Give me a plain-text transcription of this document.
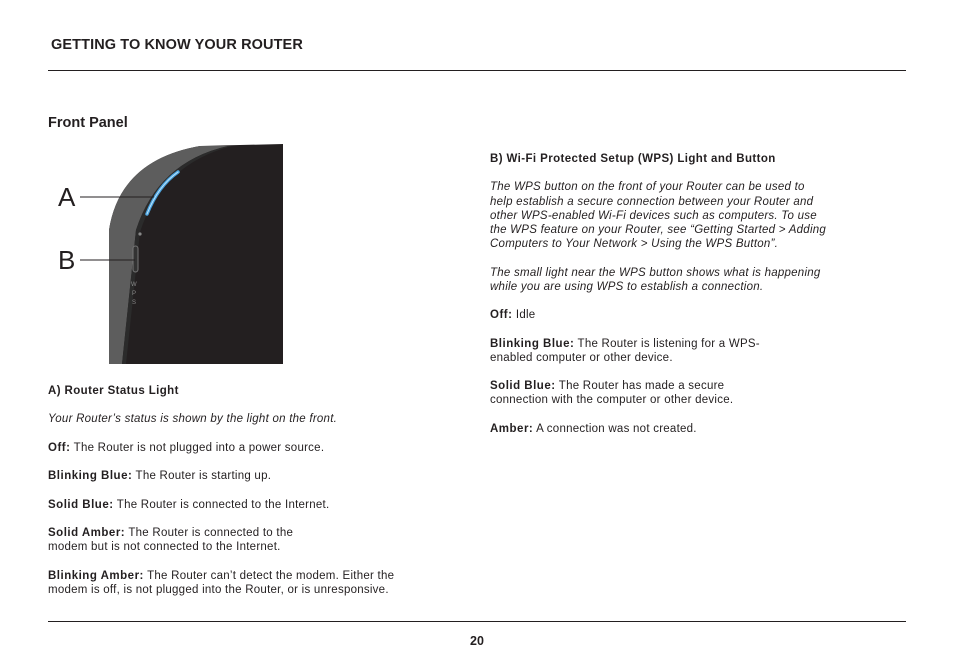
GETTING TO KNOW YOUR ROUTER
Front Panel
W
P
S
A
B
A) Router Status Light

Your Router’s status is shown by the light on the front.

Off: The Router is not plugged into a power source.

Blinking Blue: The Router is starting up.

Solid Blue: The Router is connected to the Internet.

Solid Amber: The Router is connected to the
modem but is not connected to the Internet.

Blinking Amber: The Router can’t detect the modem. Either the
modem is off, is not plugged into the Router, or is unresponsive.

B) Wi-Fi Protected Setup (WPS) Light and Button

The WPS button on the front of your Router can be used to
help establish a secure connection between your Router and
other WPS-enabled Wi-Fi devices such as computers. To use
the WPS feature on your Router, see “Getting Started > Adding
Computers to Your Network > Using the WPS Button”.

The small light near the WPS button shows what is happening
while you are using WPS to establish a connection.

Off: Idle

Blinking Blue: The Router is listening for a WPS-
enabled computer or other device.

Solid Blue: The Router has made a secure
connection with the computer or other device.

Amber: A connection was not created.

20
